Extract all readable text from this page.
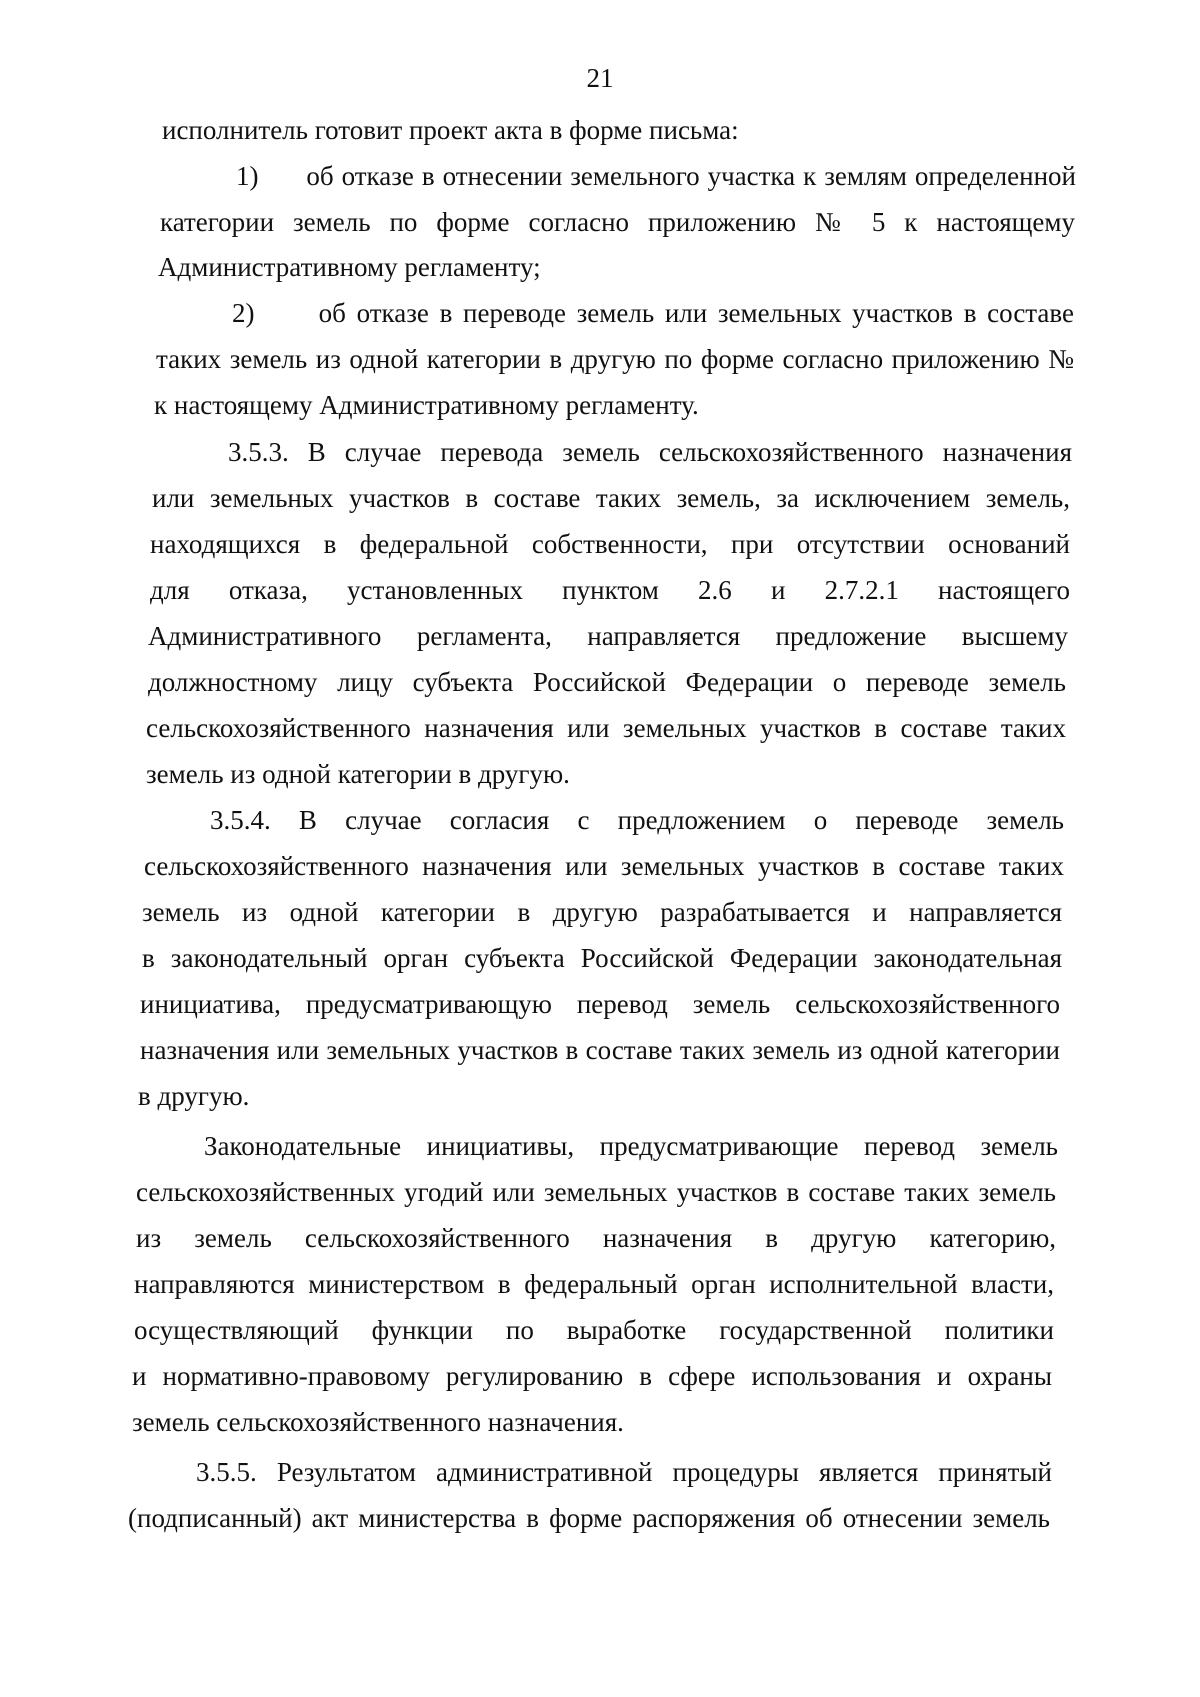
21
исполнитель готовит проект акта в форме письма:
1)      об отказе в отнесении земельного участка к землям определенной
категории земель по форме согласно приложению № 5 к настоящему
Административному регламенту;
2)      об отказе в переводе земель или земельных участков в составе
таких земель из одной категории в другую по форме согласно приложению №
к настоящему Административному регламенту.
3.5.3. В случае перевода земель сельскохозяйственного назначения
или земельных участков в составе таких земель, за исключением земель,
находящихся в федеральной собственности, при отсутствии оснований
для отказа, установленных пунктом 2.6 и 2.7.2.1 настоящего
Административного регламента, направляется предложение высшему
должностному лицу субъекта Российской Федерации о переводе земель
сельскохозяйственного назначения или земельных участков в составе таких
земель из одной категории в другую.
3.5.4. В случае согласия с предложением о переводе земель
сельскохозяйственного назначения или земельных участков в составе таких
земель из одной категории в другую разрабатывается и направляется
в законодательный орган субъекта Российской Федерации законодательная
инициатива, предусматривающую перевод земель сельскохозяйственного
назначения или земельных участков в составе таких земель из одной категории
в другую.
Законодательные инициативы, предусматривающие перевод земель
сельскохозяйственных угодий или земельных участков в составе таких земель
из земель сельскохозяйственного назначения в другую категорию,
направляются министерством в федеральный орган исполнительной власти,
осуществляющий функции по выработке государственной политики
и нормативно-правовому регулированию в сфере использования и охраны
земель сельскохозяйственного назначения.
3.5.5. Результатом административной процедуры является принятый
(подписанный) акт министерства в форме распоряжения об отнесении земель
